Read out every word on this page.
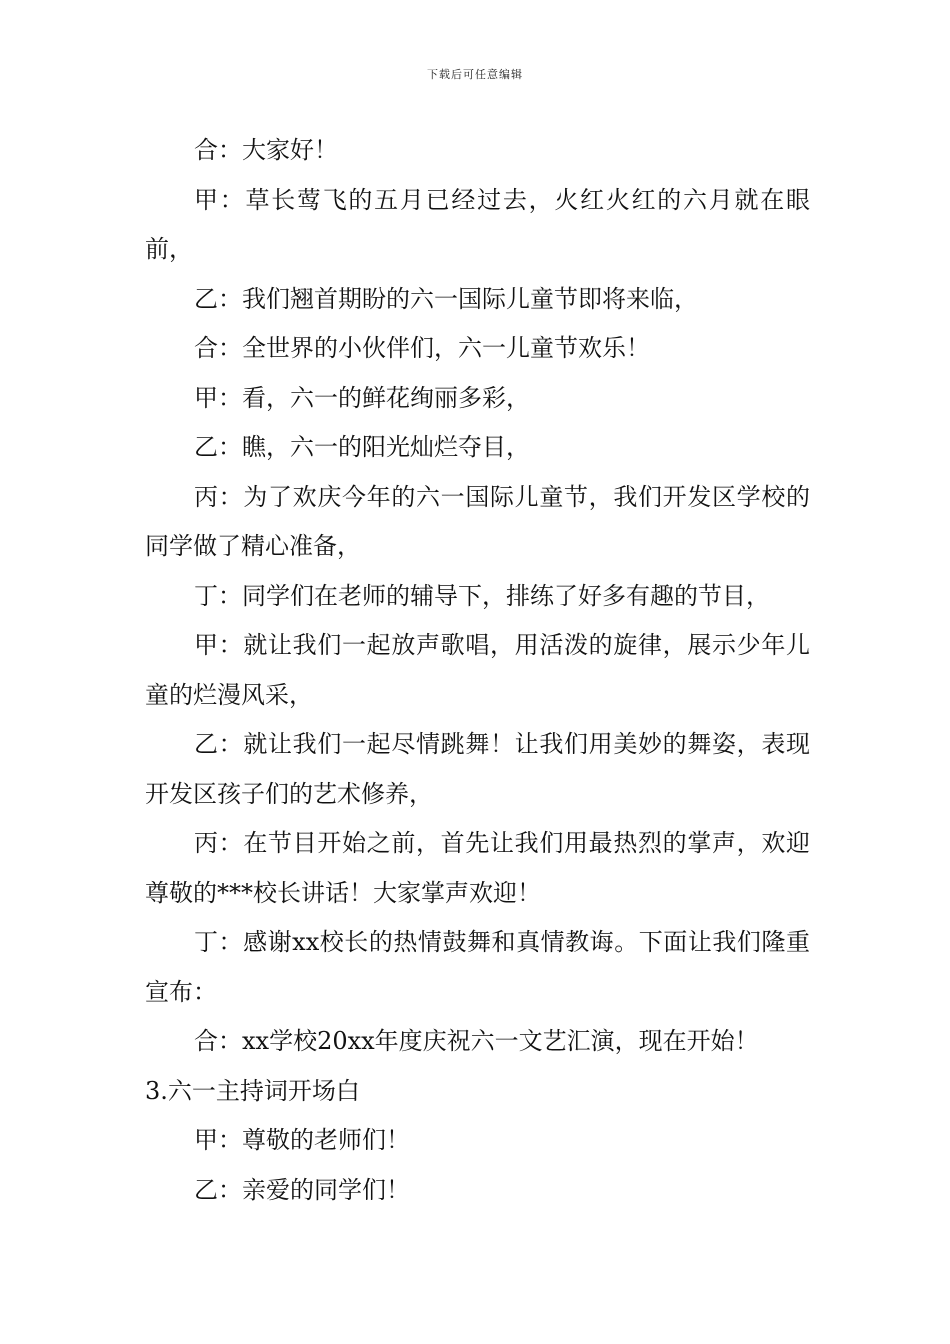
下载后可任意编辑

合：大家好！

甲：草长莺飞的五月已经过去，火红火红的六月就在眼前，

乙：我们翘首期盼的六一国际儿童节即将来临，

合：全世界的小伙伴们，六一儿童节欢乐！

甲：看，六一的鲜花绚丽多彩，

乙：瞧，六一的阳光灿烂夺目，

丙：为了欢庆今年的六一国际儿童节，我们开发区学校的同学做了精心准备，

丁：同学们在老师的辅导下，排练了好多有趣的节目，

甲：就让我们一起放声歌唱，用活泼的旋律，展示少年儿童的烂漫风采，

乙：就让我们一起尽情跳舞！让我们用美妙的舞姿，表现开发区孩子们的艺术修养，

丙：在节目开始之前，首先让我们用最热烈的掌声，欢迎尊敬的***校长讲话！大家掌声欢迎！

丁：感谢xx校长的热情鼓舞和真情教诲。下面让我们隆重宣布：

合：xx学校20xx年度庆祝六一文艺汇演，现在开始！

3.六一主持词开场白

甲：尊敬的老师们！

乙：亲爱的同学们！
